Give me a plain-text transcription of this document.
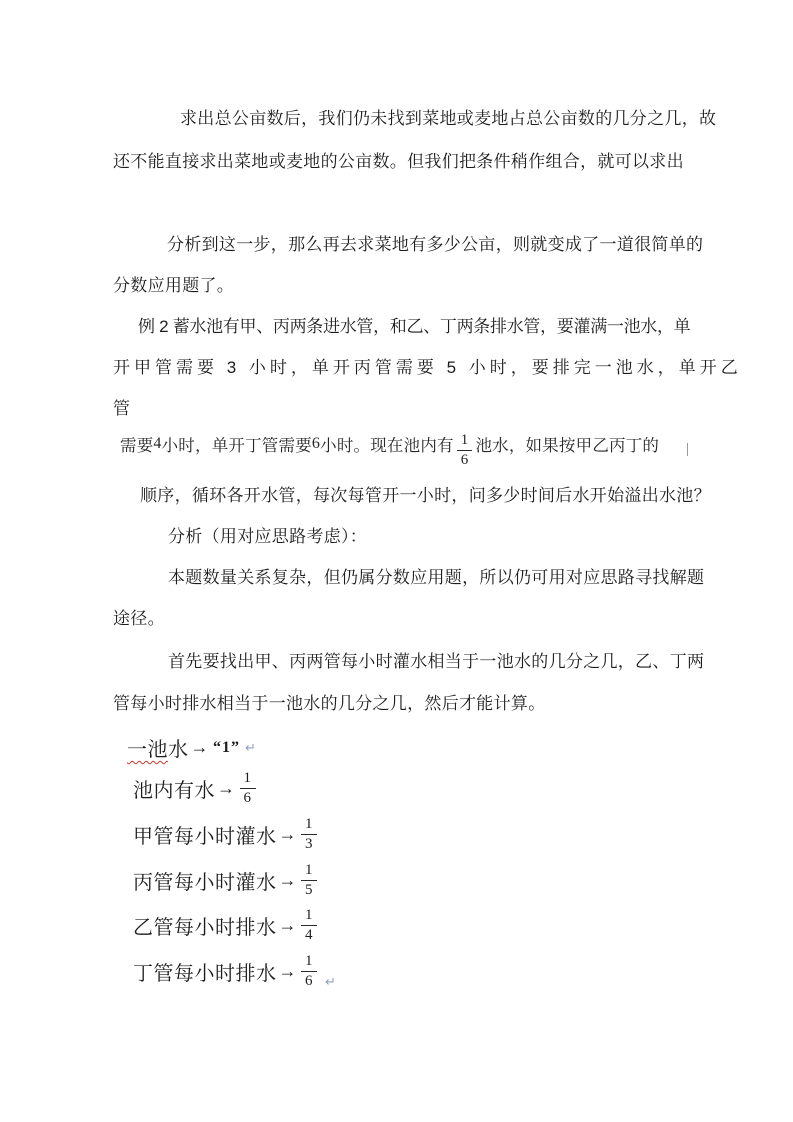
求出总公亩数后，我们仍未找到菜地或麦地占总公亩数的几分之几，故
还不能直接求出菜地或麦地的公亩数。但我们把条件稍作组合，就可以求出
分析到这一步，那么再去求菜地有多少公亩，则就变成了一道很简单的
分数应用题了。
例 2 蓄水池有甲、丙两条进水管，和乙、丁两条排水管，要灌满一池水，单
开甲管需要 3 小时，单开丙管需要 5 小时，要排完一池水，单开乙
管
需要 4 小时，单开丁管需要 6 小时。现在池内有 $\frac{1}{6}$ 池水，如果按甲乙丙丁的
顺序，循环各开水管，每次每管开一小时，问多少时间后水开始溢出水池？
分析（用对应思路考虑）：
本题数量关系复杂，但仍属分数应用题，所以仍可用对应思路寻找解题
途径。
首先要找出甲、丙两管每小时灌水相当于一池水的几分之几，乙、丁两
管每小时排水相当于一池水的几分之几，然后才能计算。
一池 水 → “1” ↵
池内有水 → $\frac{1}{6}$
甲管每小时灌水 → $\frac{1}{3}$
丙管每小时灌水 → $\frac{1}{5}$
乙管每小时排水 → $\frac{1}{4}$
丁管每小时排水 → $\frac{1}{6}$ ↵
